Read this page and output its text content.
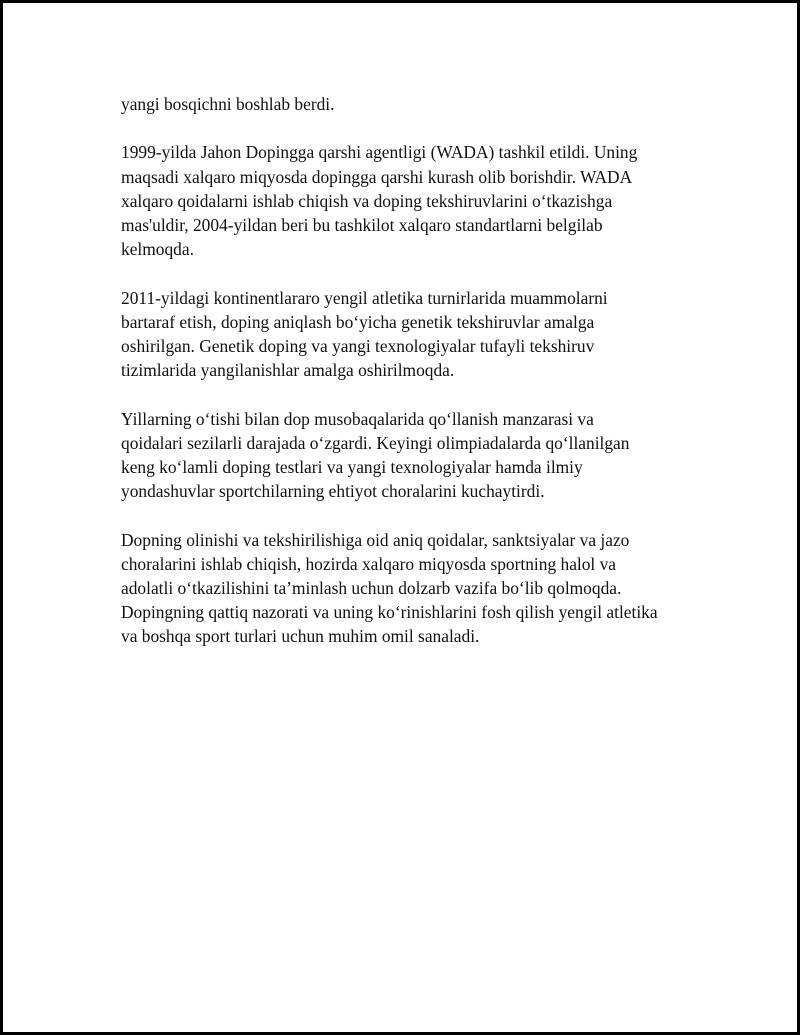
yangi bosqichni boshlab berdi.

1999-yilda Jahon Dopingga qarshi agentligi (WADA) tashkil etildi. Uning
maqsadi xalqaro miqyosda dopingga qarshi kurash olib borishdir. WADA
xalqaro qoidalarni ishlab chiqish va doping tekshiruvlarini o‘tkazishga
mas'uldir, 2004-yildan beri bu tashkilot xalqaro standartlarni belgilab
kelmoqda.

2011-yildagi kontinentlararo yengil atletika turnirlarida muammolarni
bartaraf etish, doping aniqlash bo‘yicha genetik tekshiruvlar amalga
oshirilgan. Genetik doping va yangi texnologiyalar tufayli tekshiruv
tizimlarida yangilanishlar amalga oshirilmoqda.

Yillarning o‘tishi bilan dop musobaqalarida qo‘llanish manzarasi va
qoidalari sezilarli darajada o‘zgardi. Keyingi olimpiadalarda qo‘llanilgan
keng ko‘lamli doping testlari va yangi texnologiyalar hamda ilmiy
yondashuvlar sportchilarning ehtiyot choralarini kuchaytirdi.

Dopning olinishi va tekshirilishiga oid aniq qoidalar, sanktsiyalar va jazo
choralarini ishlab chiqish, hozirda xalqaro miqyosda sportning halol va
adolatli o‘tkazilishini ta’minlash uchun dolzarb vazifa bo‘lib qolmoqda.
Dopingning qattiq nazorati va uning ko‘rinishlarini fosh qilish yengil atletika
va boshqa sport turlari uchun muhim omil sanaladi.
